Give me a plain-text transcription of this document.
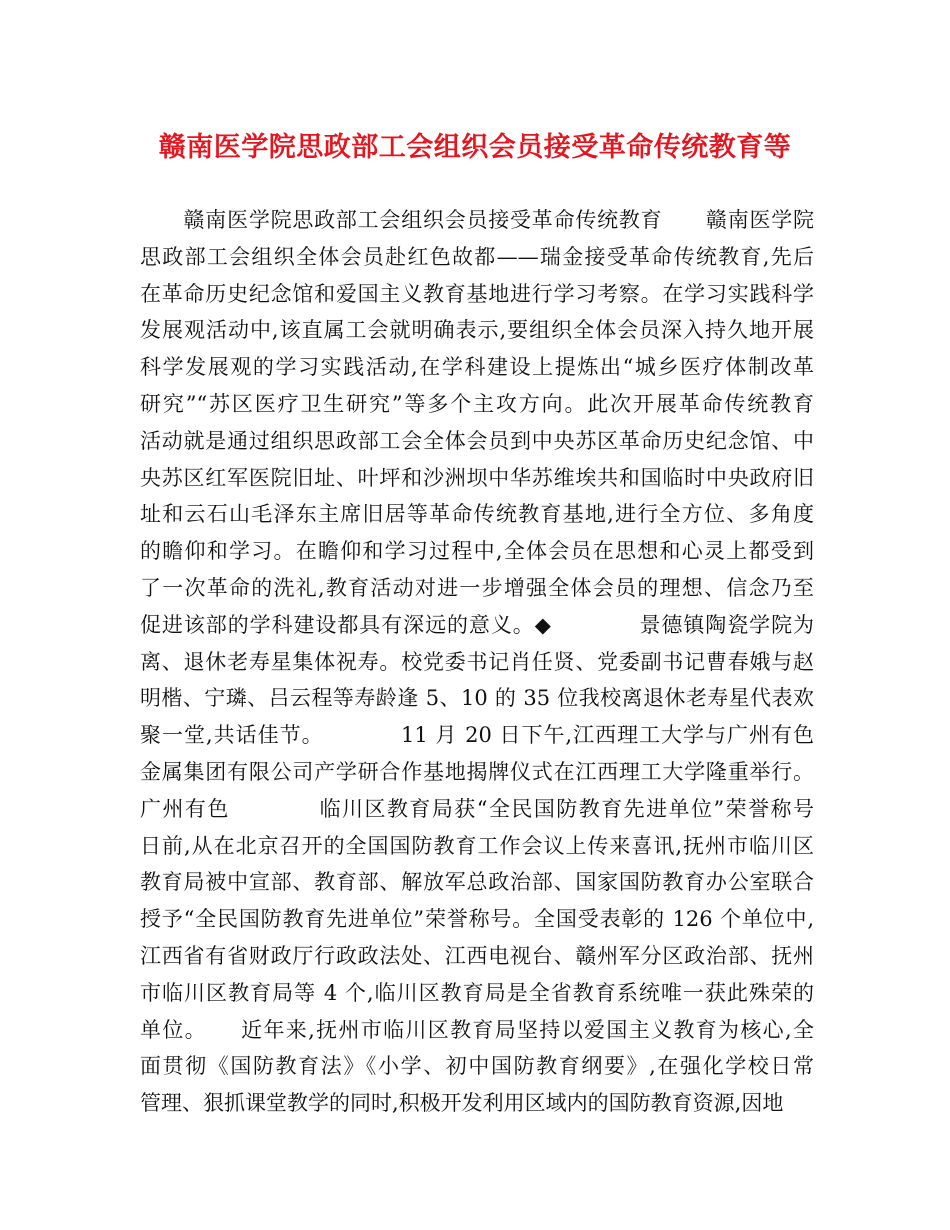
赣南医学院思政部工会组织会员接受革命传统教育等
　　赣南医学院思政部工会组织会员接受革命传统教育　　赣南医学院
思政部工会组织全体会员赴红色故都——瑞金接受革命传统教育,先后
在革命历史纪念馆和爱国主义教育基地进行学习考察。在学习实践科学
发展观活动中,该直属工会就明确表示,要组织全体会员深入持久地开展
科学发展观的学习实践活动,在学科建设上提炼出“城乡医疗体制改革
研究”“苏区医疗卫生研究”等多个主攻方向。此次开展革命传统教育
活动就是通过组织思政部工会全体会员到中央苏区革命历史纪念馆、中
央苏区红军医院旧址、叶坪和沙洲坝中华苏维埃共和国临时中央政府旧
址和云石山毛泽东主席旧居等革命传统教育基地,进行全方位、多角度
的瞻仰和学习。在瞻仰和学习过程中,全体会员在思想和心灵上都受到
了一次革命的洗礼,教育活动对进一步增强全体会员的理想、信念乃至
促进该部的学科建设都具有深远的意义。◆　　　　景德镇陶瓷学院为
离、退休老寿星集体祝寿。校党委书记肖任贤、党委副书记曹春娥与赵
明楷、宁璘、吕云程等寿龄逢 5、10 的 35 位我校离退休老寿星代表欢
聚一堂,共话佳节。　　　　11 月 20 日下午,江西理工大学与广州有色
金属集团有限公司产学研合作基地揭牌仪式在江西理工大学隆重举行。
广州有色　　　　临川区教育局获“全民国防教育先进单位”荣誉称号
日前,从在北京召开的全国国防教育工作会议上传来喜讯,抚州市临川区
教育局被中宣部、教育部、解放军总政治部、国家国防教育办公室联合
授予“全民国防教育先进单位”荣誉称号。全国受表彰的 126 个单位中,
江西省有省财政厅行政政法处、江西电视台、赣州军分区政治部、抚州
市临川区教育局等 4 个,临川区教育局是全省教育系统唯一获此殊荣的
单位。　　近年来,抚州市临川区教育局坚持以爱国主义教育为核心,全
面贯彻《国防教育法》《小学、初中国防教育纲要》,在强化学校日常
管理、狠抓课堂教学的同时,积极开发利用区域内的国防教育资源,因地
